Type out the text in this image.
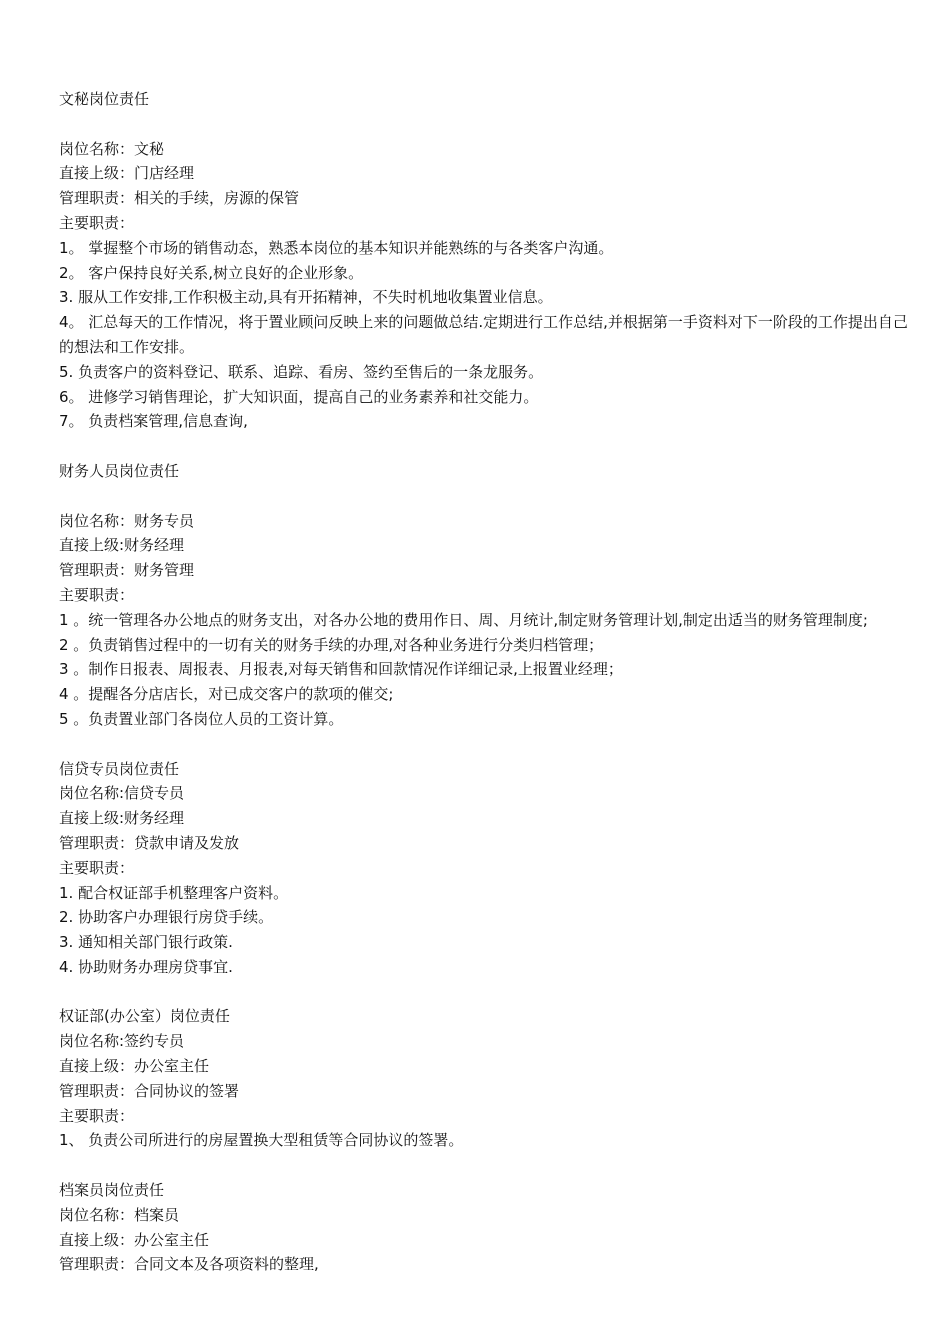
文秘岗位责任
岗位名称：文秘
直接上级：门店经理
管理职责：相关的手续，房源的保管
主要职责：
1。 掌握整个市场的销售动态，熟悉本岗位的基本知识并能熟练的与各类客户沟通。
2。 客户保持良好关系,树立良好的企业形象。
3. 服从工作安排,工作积极主动,具有开拓精神，不失时机地收集置业信息。
4。 汇总每天的工作情况，将于置业顾问反映上来的问题做总结.定期进行工作总结,并根据第一手资料对下一阶段的工作提出自己的想法和工作安排。
5. 负责客户的资料登记、联系、追踪、看房、签约至售后的一条龙服务。
6。 进修学习销售理论，扩大知识面，提高自己的业务素养和社交能力。
7。 负责档案管理,信息查询,
财务人员岗位责任
岗位名称：财务专员
直接上级:财务经理
管理职责：财务管理
主要职责：
1 。统一管理各办公地点的财务支出，对各办公地的费用作日、周、月统计,制定财务管理计划,制定出适当的财务管理制度;
2 。负责销售过程中的一切有关的财务手续的办理,对各种业务进行分类归档管理；
3 。制作日报表、周报表、月报表,对每天销售和回款情况作详细记录,上报置业经理；
4 。提醒各分店店长，对已成交客户的款项的催交;
5 。负责置业部门各岗位人员的工资计算。
信贷专员岗位责任
岗位名称:信贷专员
直接上级:财务经理
管理职责：贷款申请及发放
主要职责：
1. 配合权证部手机整理客户资料。
2. 协助客户办理银行房贷手续。
3. 通知相关部门银行政策.
4. 协助财务办理房贷事宜.
权证部(办公室）岗位责任
岗位名称:签约专员
直接上级：办公室主任
管理职责：合同协议的签署
主要职责：
1、 负责公司所进行的房屋置换大型租赁等合同协议的签署。
档案员岗位责任
岗位名称：档案员
直接上级：办公室主任
管理职责：合同文本及各项资料的整理,
